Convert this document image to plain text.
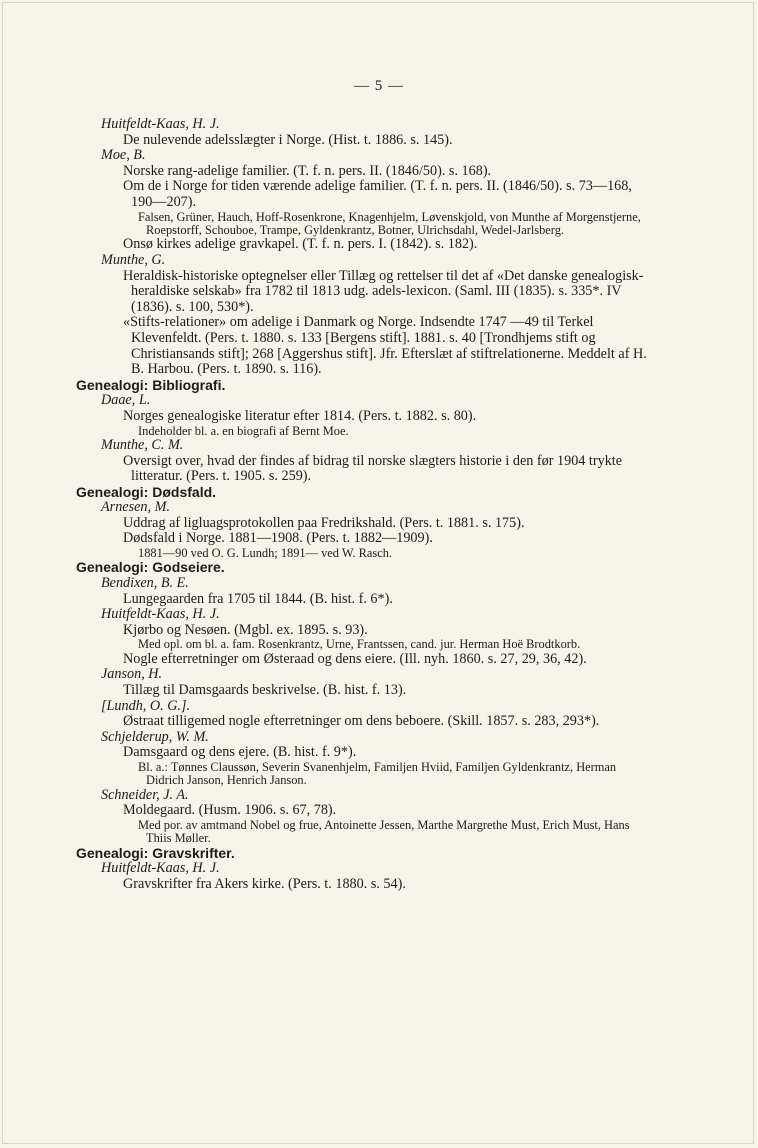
— 5 —
Huitfeldt-Kaas, H. J.
De nulevende adelsslægter i Norge. (Hist. t. 1886. s. 145).
Moe, B.
Norske rang-adelige familier. (T. f. n. pers. II. (1846/50). s. 168).
Om de i Norge for tiden værende adelige familier. (T. f. n. pers. II. (1846/50). s. 73—168, 190—207).
Falsen, Grüner, Hauch, Hoff-Rosenkrone, Knagenhjelm, Løvenskjold, von Munthe af Morgenstjerne, Roepstorff, Schouboe, Trampe, Gyldenkrantz, Botner, Ulrichsdahl, Wedel-Jarlsberg.
Onsø kirkes adelige gravkapel. (T. f. n. pers. I. (1842). s. 182).
Munthe, G.
Heraldisk-historiske optegnelser eller Tillæg og rettelser til det af «Det danske genealogisk-heraldiske selskab» fra 1782 til 1813 udg. adels-lexicon. (Saml. III (1835). s. 335*. IV (1836). s. 100, 530*).
«Stifts-relationer» om adelige i Danmark og Norge. Indsendte 1747 —49 til Terkel Klevenfeldt. (Pers. t. 1880. s. 133 [Bergens stift]. 1881. s. 40 [Trondhjems stift og Christiansands stift]; 268 [Aggershus stift]. Jfr. Efterslæt af stiftrelationerne. Meddelt af H. B. Harbou. (Pers. t. 1890. s. 116).
Genealogi: Bibliografi.
Daae, L.
Norges genealogiske literatur efter 1814. (Pers. t. 1882. s. 80).
Indeholder bl. a. en biografi af Bernt Moe.
Munthe, C. M.
Oversigt over, hvad der findes af bidrag til norske slægters historie i den før 1904 trykte litteratur. (Pers. t. 1905. s. 259).
Genealogi: Dødsfald.
Arnesen, M.
Uddrag af ligluagsprotokollen paa Fredrikshald. (Pers. t. 1881. s. 175).
Dødsfald i Norge. 1881—1908. (Pers. t. 1882—1909).
1881—90 ved O. G. Lundh; 1891— ved W. Rasch.
Genealogi: Godseiere.
Bendixen, B. E.
Lungegaarden fra 1705 til 1844. (B. hist. f. 6*).
Huitfeldt-Kaas, H. J.
Kjørbo og Nesøen. (Mgbl. ex. 1895. s. 93).
Med opl. om bl. a. fam. Rosenkrantz, Urne, Frantssen, cand. jur. Herman Hoë Brodtkorb.
Nogle efterretninger om Østeraad og dens eiere. (Ill. nyh. 1860. s. 27, 29, 36, 42).
Janson, H.
Tillæg til Damsgaards beskrivelse. (B. hist. f. 13).
[Lundh, O. G.].
Østraat tilligemed nogle efterretninger om dens beboere. (Skill. 1857. s. 283, 293*).
Schjelderup, W. M.
Damsgaard og dens ejere. (B. hist. f. 9*).
Bl. a.: Tønnes Claussøn, Severin Svanenhjelm, Familjen Hviid, Familjen Gyldenkrantz, Herman Didrich Janson, Henrich Janson.
Schneider, J. A.
Moldegaard. (Husm. 1906. s. 67, 78).
Med por. av amtmand Nobel og frue, Antoinette Jessen, Marthe Margrethe Must, Erich Must, Hans Thiis Møller.
Genealogi: Gravskrifter.
Huitfeldt-Kaas, H. J.
Gravskrifter fra Akers kirke. (Pers. t. 1880. s. 54).
